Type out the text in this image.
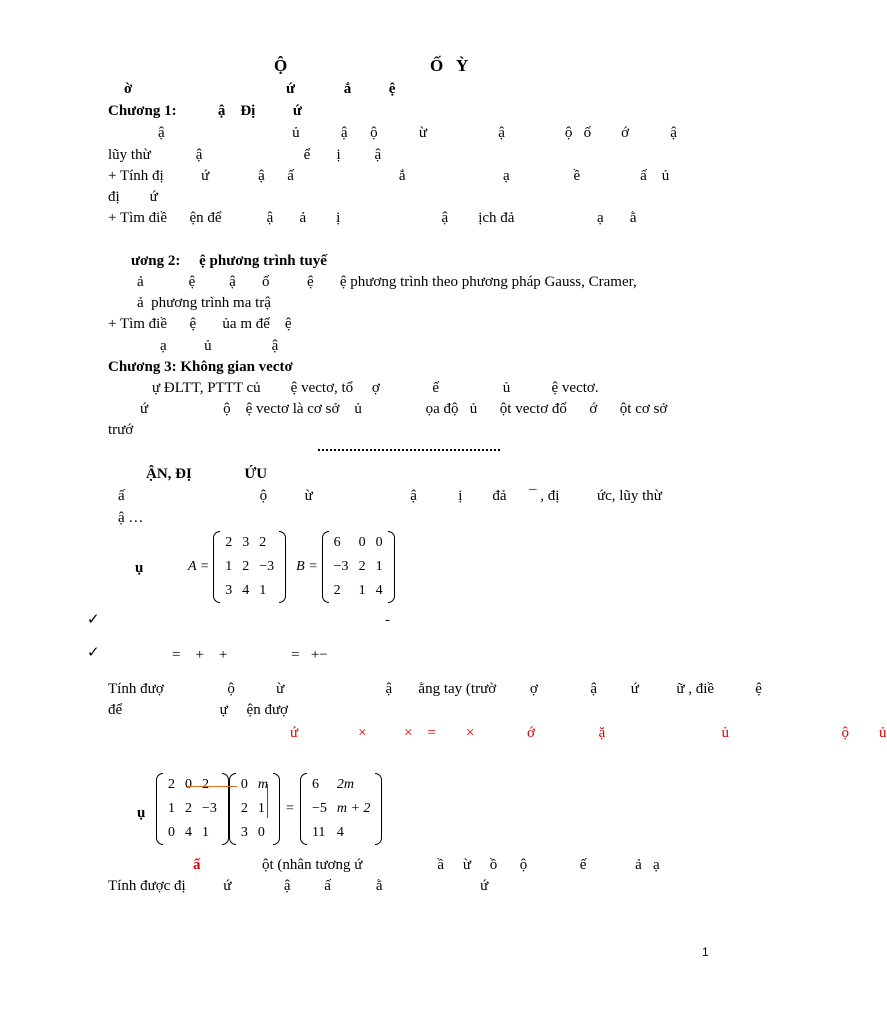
Ộ	Ố   Ỳ
ờ                                         ứ             ắ          ệ
Chương 1:           ậ    Đị          ứ
ậ                                  ủ           ậ      ộ           ừ                   ậ                ộ   ố        ớ           ậ
lũy thừ            ậ                           ể       ị         ậ
+ Tính đị          ứ             ậ      ấ                            ắ                          ạ                 ề                ấ    ủ
đị        ứ
+ Tìm điề      ện để            ậ       ả        ị                           ậ        ịch đả                      ạ       ằ
ương 2:     ệ phương trình tuyế
ả            ệ         ậ       ố          ệ       ệ phương trình theo phương pháp Gauss, Cramer,
ả  phương trình ma trậ
+ Tìm điề      ệ       ủa m để    ệ
ạ          ủ                ậ
Chương 3: Không gian vectơ
ự ĐLTT, PTTT củ        ệ vectơ, tổ     ợ              ế                 ủ           ệ vectơ.
ứ                    ộ    ệ vectơ là cơ sở    ủ                 ọa độ   ủ      ột vectơ đố      ớ      ột cơ sở
trướ
ẬN, ĐỊ              ỨU
ấ                                    ộ          ừ                          ậ           ị        đả      ¯ , đị          ức, lũy thừ
ậ …
ụ	A =
2	3	2
1	2	−3
3	4	1
B =
6	0	0
−3	2	1
2	1	4
✓	-
✓	=    +    +                 =   +−
Tính đượ                 ộ           ừ                           ậ       ằng tay (trườ         ợ              ậ         ứ          ữ , điề           ệ
để                          ự     ện đượ
ứ                ×          ×    =        ×              ớ                 ặ                               ủ                              ộ        ủ
ụ
2	0	2
1	2	−3
0	4	1
0	m
2	1
3	0
=
6	2m
−5	m + 2
11	4
ấ	ột (nhân tương ứ                    ầ     ừ     ồ      ộ              ế             ả   ạ
Tính được đị          ứ              ậ         ấ            ằ                          ứ
1
